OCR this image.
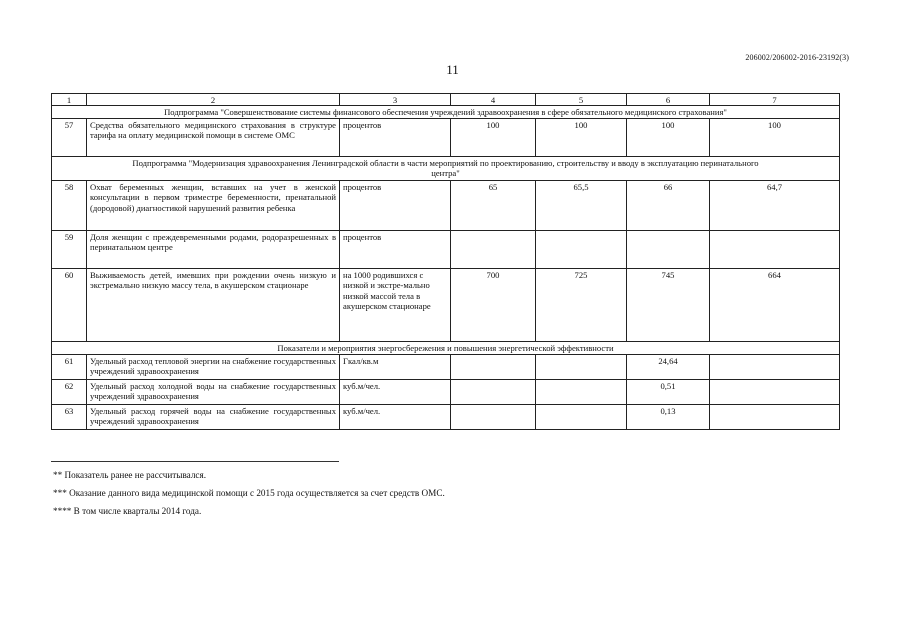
206002/206002-2016-23192(3)
11
1	2	3	4	5	6	7
Подпрограмма "Совершенствование системы финансового обеспечения учреждений здравоохранения в сфере обязательного медицинского страхования"						
57	Средства обязательного медицинского страхования в структуре тарифа на оплату медицинской помощи в системе ОМС	процентов	100	100	100	100
Подпрограмма "Модернизация здравоохранения Ленинградской области в части мероприятий по проектированию, строительству и вводу в эксплуатацию перинатального центра"						
58	Охват беременных женщин, вставших на учет в женской консультации в первом триместре беременности, пренатальной (дородовой) диагностикой нарушений развития ребенка	процентов	65	65,5	66	64,7
59	Доля женщин с преждевременными родами, родоразрешенных в перинатальном центре	процентов				
60	Выживаемость детей, имевших при рождении очень низкую и экстремально низкую массу тела, в акушерском стационаре	на 1000 родившихся с низкой и экстре-мально низкой массой тела в акушерском стационаре	700	725	745	664
Показатели и мероприятия энергосбережения и повышения энергетической эффективности						
61	Удельный расход тепловой энергии на снабжение государственных учреждений здравоохранения	Гкал/кв.м			24,64	
62	Удельный расход холодной воды на снабжение государственных учреждений здравоохранения	куб.м/чел.			0,51	
63	Удельный расход горячей воды на снабжение государственных учреждений здравоохранения	куб.м/чел.			0,13	
** Показатель ранее не рассчитывался.
*** Оказание данного вида медицинской помощи с 2015 года осуществляется за счет средств ОМС.
**** В том числе кварталы 2014 года.
